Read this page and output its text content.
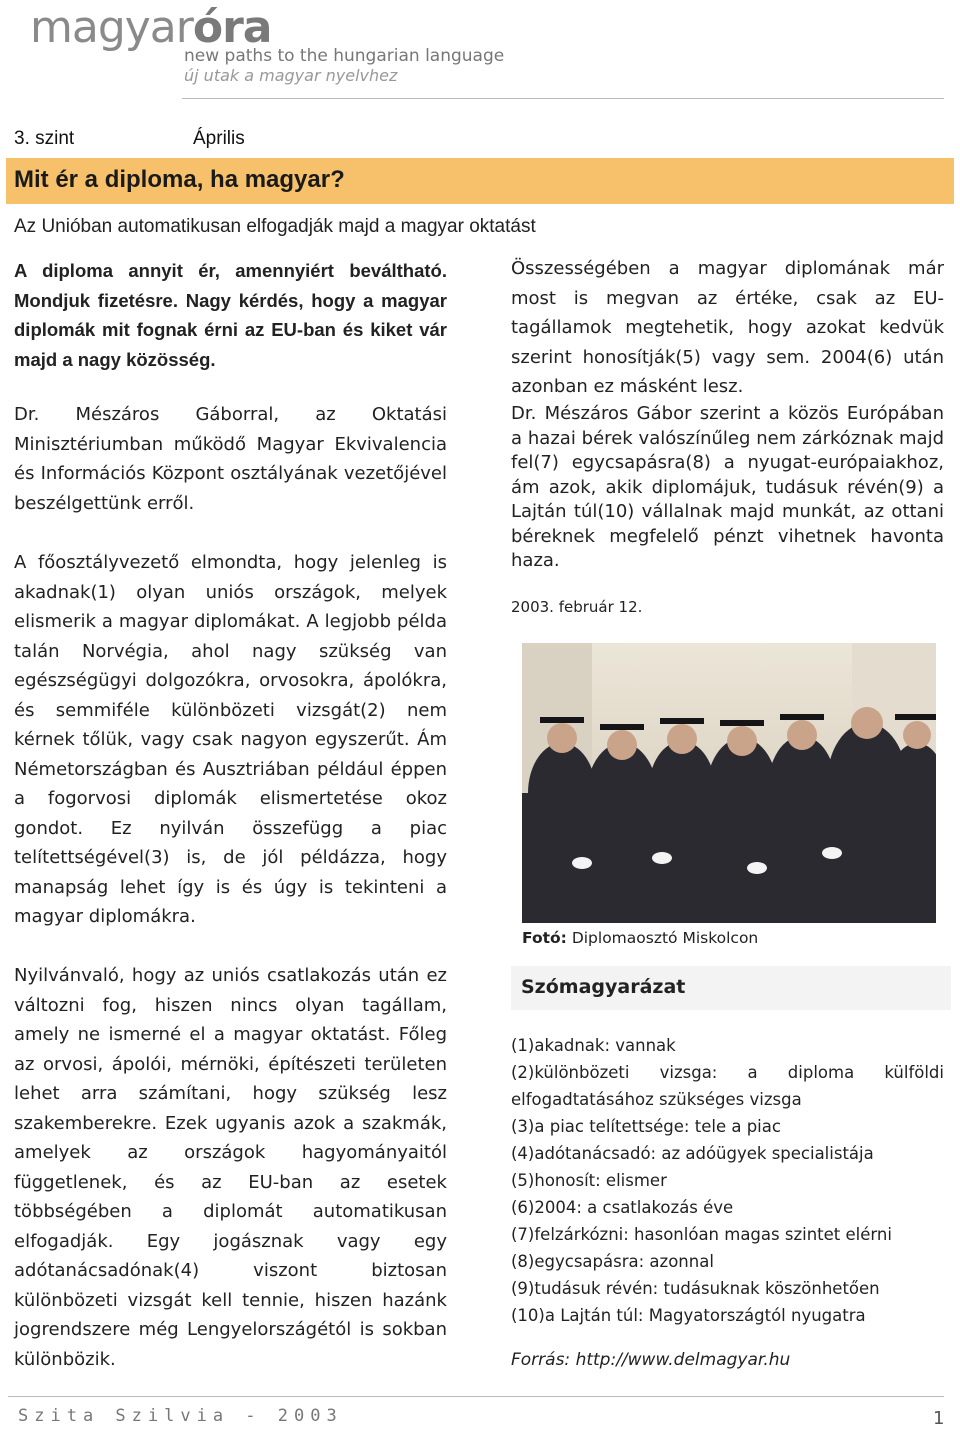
magyaróra
new paths to the hungarian language
új utak a magyar nyelvhez
3. szint	Április
Mit ér a diploma, ha magyar?
Az Unióban automatikusan elfogadják majd a magyar oktatást

A diploma annyit ér, amennyiért beváltható. Mondjuk fizetésre. Nagy kérdés, hogy a magyar diplomák mit fognak érni az EU-ban és kiket vár majd a nagy közösség.

Dr. Mészáros Gáborral, az Oktatási Minisztériumban működő Magyar Ekvivalencia és Információs Központ osztályának vezetőjével beszélgettünk erről.

A főosztályvezető elmondta, hogy jelenleg is akadnak(1) olyan uniós országok, melyek elismerik a magyar diplomákat. A legjobb példa talán Norvégia, ahol nagy szükség van egészségügyi dolgozókra, orvosokra, ápolókra, és semmiféle különbözeti vizsgát(2) nem kérnek tőlük, vagy csak nagyon egyszerűt. Ám Németországban és Ausztriában például éppen a fogorvosi diplomák elismertetése okoz gondot. Ez nyilván összefügg a piac telítettségével(3) is, de jól példázza, hogy manapság lehet így is és úgy is tekinteni a magyar diplomákra.

Nyilvánvaló, hogy az uniós csatlakozás után ez változni fog, hiszen nincs olyan tagállam, amely ne ismerné el a magyar oktatást. Főleg az orvosi, ápolói, mérnöki, építészeti területen lehet arra számítani, hogy szükség lesz szakemberekre. Ezek ugyanis azok a szakmák, amelyek az országok hagyományaitól függetlenek, és az EU-ban az esetek többségében a diplomát automatikusan elfogadják. Egy jogásznak vagy egy adótanácsadónak(4) viszont biztosan különbözeti vizsgát kell tennie, hiszen hazánk jogrendszere még Lengyelországétól is sokban különbözik.

Összességében a magyar diplomának már most is megvan az értéke, csak az EU-tagállamok megtehetik, hogy azokat kedvük szerint honosítják(5) vagy sem. 2004(6) után azonban ez másként lesz.

Dr. Mészáros Gábor szerint a közös Európában a hazai bérek valószínűleg nem zárkóznak majd fel(7) egycsapásra(8) a nyugat-európaiakhoz, ám azok, akik diplomájuk, tudásuk révén(9) a Lajtán túl(10) vállalnak majd munkát, az ottani béreknek megfelelő pénzt vihetnek havonta haza.

2003. február 12.
Fotó: Diplomaosztó Miskolcon
Szómagyarázat
(1)akadnak: vannak
(2)különbözeti vizsga: a diploma külföldi elfogadtatásához szükséges vizsga
(3)a piac telítettsége: tele a piac
(4)adótanácsadó: az adóügyek specialistája
(5)honosít: elismer
(6)2004: a csatlakozás éve
(7)felzárkózni: hasonlóan magas szintet elérni
(8)egycsapásra: azonnal
(9)tudásuk révén: tudásuknak köszönhetően
(10)a Lajtán túl: Magyatországtól nyugatra
Forrás: http://www.delmagyar.hu
Szita Szilvia - 2003	1
